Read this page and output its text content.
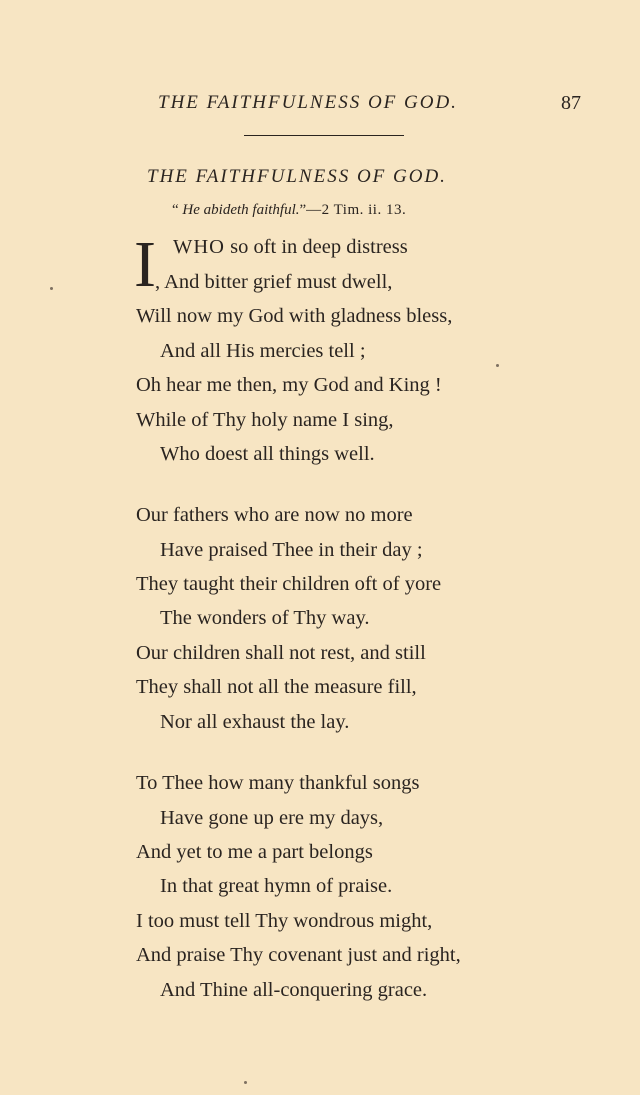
THE FAITHFULNESS OF GOD.	87
THE FAITHFULNESS OF GOD.
“ He abideth faithful.”—2 Tim. ii. 13.
I WHO so oft in deep distress
, And bitter grief must dwell,
Will now my God with gladness bless,
And all His mercies tell ;
Oh hear me then, my God and King !
While of Thy holy name I sing,
Who doest all things well.
Our fathers who are now no more
Have praised Thee in their day ;
They taught their children oft of yore
The wonders of Thy way.
Our children shall not rest, and still
They shall not all the measure fill,
Nor all exhaust the lay.
To Thee how many thankful songs
Have gone up ere my days,
And yet to me a part belongs
In that great hymn of praise.
I too must tell Thy wondrous might,
And praise Thy covenant just and right,
And Thine all-conquering grace.
